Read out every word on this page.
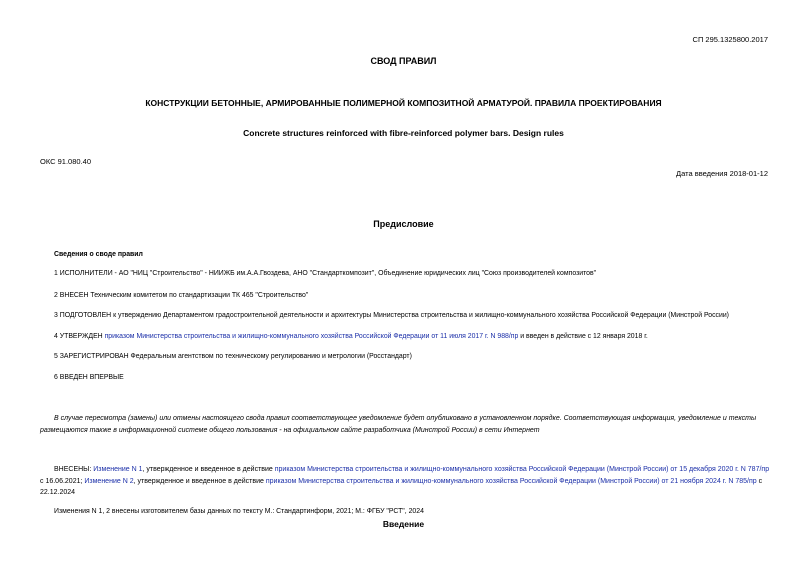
СП 295.1325800.2017
СВОД ПРАВИЛ
КОНСТРУКЦИИ БЕТОННЫЕ, АРМИРОВАННЫЕ ПОЛИМЕРНОЙ КОМПОЗИТНОЙ АРМАТУРОЙ. ПРАВИЛА ПРОЕКТИРОВАНИЯ
Concrete structures reinforced with fibre-reinforced polymer bars. Design rules
ОКС 91.080.40
Дата введения 2018-01-12
Предисловие
Сведения о своде правил
1 ИСПОЛНИТЕЛИ - АО "НИЦ "Строительство" - НИИЖБ им.А.А.Гвоздева, АНО "Стандарткомпозит", Объединение юридических лиц "Союз производителей композитов"
2 ВНЕСЕН Техническим комитетом по стандартизации ТК 465 "Строительство"
3 ПОДГОТОВЛЕН к утверждению Департаментом градостроительной деятельности и архитектуры Министерства строительства и жилищно-коммунального хозяйства Российской Федерации (Минстрой России)
4 УТВЕРЖДЕН приказом Министерства строительства и жилищно-коммунального хозяйства Российской Федерации от 11 июля 2017 г. N 988/пр и введен в действие с 12 января 2018 г.
5 ЗАРЕГИСТРИРОВАН Федеральным агентством по техническому регулированию и метрологии (Росстандарт)
6 ВВЕДЕН ВПЕРВЫЕ
В случае пересмотра (замены) или отмены настоящего свода правил соответствующее уведомление будет опубликовано в установленном порядке. Соответствующая информация, уведомление и тексты размещаются также в информационной системе общего пользования - на официальном сайте разработчика (Минстрой России) в сети Интернет
ВНЕСЕНЫ: Изменение N 1, утвержденное и введенное в действие приказом Министерства строительства и жилищно-коммунального хозяйства Российской Федерации (Минстрой России) от 15 декабря 2020 г. N 787/пр с 16.06.2021; Изменение N 2, утвержденное и введенное в действие приказом Министерства строительства и жилищно-коммунального хозяйства Российской Федерации (Минстрой России) от 21 ноября 2024 г. N 785/пр с 22.12.2024
Изменения N 1, 2 внесены изготовителем базы данных по тексту М.: Стандартинформ, 2021; М.: ФГБУ "РСТ", 2024
Введение
